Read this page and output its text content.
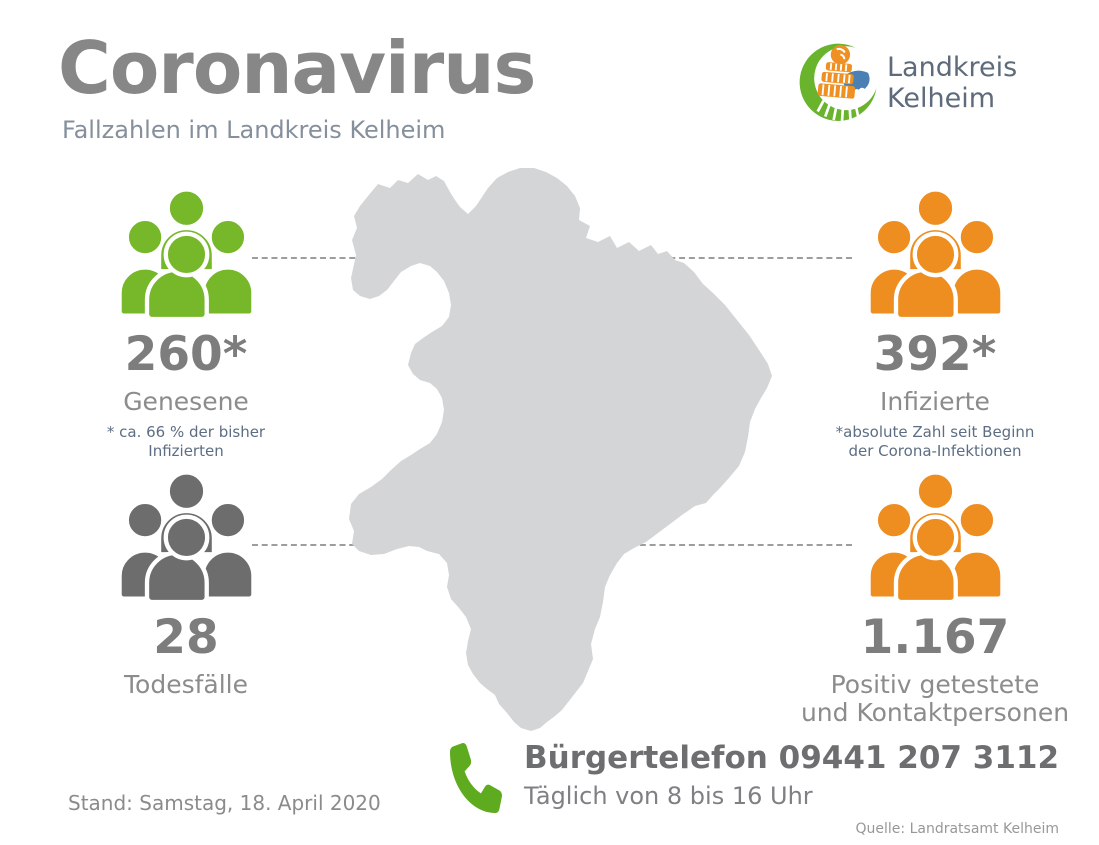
Coronavirus
Fallzahlen im Landkreis Kelheim
Landkreis
Kelheim
260*
Genesene
* ca. 66 % der bisher
Infizierten
392*
Infizierte
*absolute Zahl seit Beginn
der Corona-Infektionen
28
Todesfälle
1.167
Positiv getestete
und Kontaktpersonen
Bürgertelefon 09441 207 3112
Täglich von 8 bis 16 Uhr
Stand: Samstag, 18. April 2020
Quelle: Landratsamt Kelheim
